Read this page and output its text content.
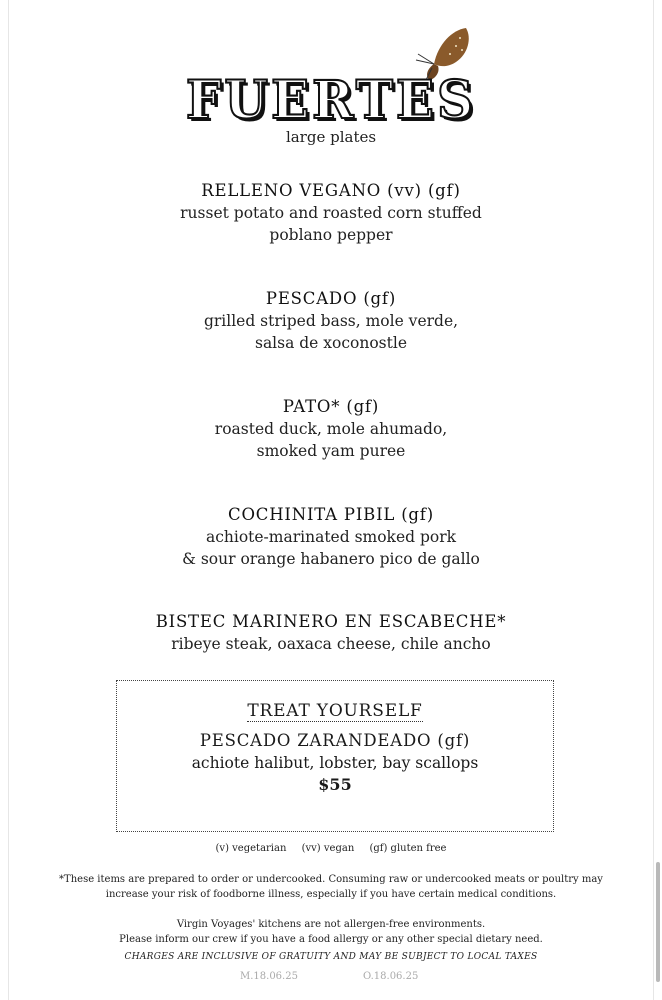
FUERTES
large plates
RELLENO VEGANO (vv) (gf)
russet potato and roasted corn stuffed
poblano pepper
PESCADO (gf)
grilled striped bass, mole verde,
salsa de xoconostle
PATO* (gf)
roasted duck, mole ahumado,
smoked yam puree
COCHINITA PIBIL (gf)
achiote-marinated smoked pork
& sour orange habanero pico de gallo
BISTEC MARINERO EN ESCABECHE*
ribeye steak, oaxaca cheese, chile ancho
TREAT YOURSELF
PESCADO ZARANDEADO (gf)
achiote halibut, lobster, bay scallops
$55
(v) vegetarian (vv) vegan (gf) gluten free
*These items are prepared to order or undercooked. Consuming raw or undercooked meats or poultry may increase your risk of foodborne illness, especially if you have certain medical conditions.
Virgin Voyages' kitchens are not allergen-free environments.
Please inform our crew if you have a food allergy or any other special dietary need.
CHARGES ARE INCLUSIVE OF GRATUITY AND MAY BE SUBJECT TO LOCAL TAXES
M.18.06.25	O.18.06.25
